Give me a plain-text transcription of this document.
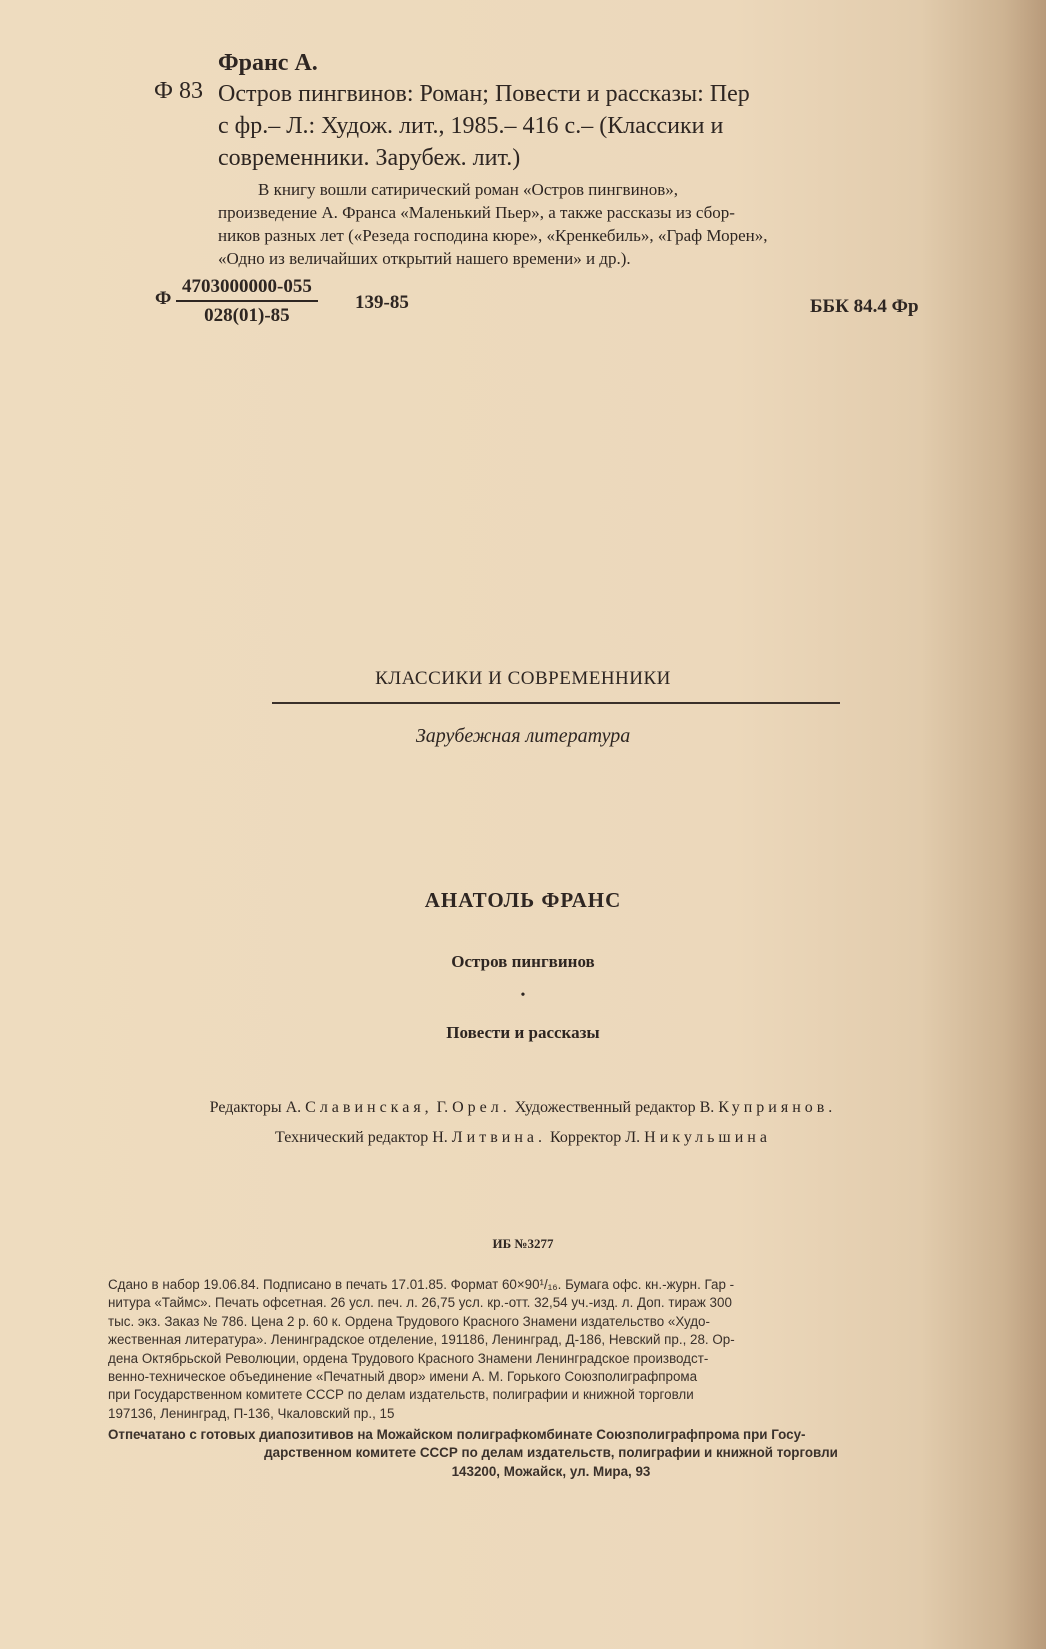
Франс А.
Ф 83 Остров пингвинов: Роман; Повести и рассказы: Пер
с фр.– Л.: Худож. лит., 1985.– 416 с.– (Классики и
современники. Зарубеж. лит.)
В книгу вошли сатирический роман «Остров пингвинов»,
произведение А. Франса «Маленький Пьер», а также рассказы из сбор-
ников разных лет («Резеда господина кюре», «Кренкебиль», «Граф Морен»,
«Одно из величайших открытий нашего времени» и др.).
Ф $\frac{4703000000-055}{028(01)-85} 139-85$	ББК 84.4 Фр
КЛАССИКИ И СОВРЕМЕННИКИ
Зарубежная литература
АНАТОЛЬ ФРАНС
Остров пингвинов
•
Повести и рассказы
Редакторы А. Славинская, Г. Орел. Художественный редактор В. Куприянов.
Технический редактор Н. Литвина. Корректор Л. Никульшина
ИБ №3277
Сдано в набор 19.06.84. Подписано в печать 17.01.85. Формат 60×90¹/₁₆. Бумага офс. кн.-журн. Гар -
нитура «Таймс». Печать офсетная. 26 усл. печ. л. 26,75 усл. кр.-отт. 32,54 уч.-изд. л. Доп. тираж 300
тыс. экз. Заказ № 786. Цена 2 р. 60 к. Ордена Трудового Красного Знамени издательство «Худо-
жественная литература». Ленинградское отделение, 191186, Ленинград, Д-186, Невский пр., 28. Ор-
дена Октябрьской Революции, ордена Трудового Красного Знамени Ленинградское производст-
венно-техническое объединение «Печатный двор» имени А. М. Горького Союзполиграфпрома
при Государственном комитете СССР по делам издательств, полиграфии и книжной торговли
197136, Ленинград, П-136, Чкаловский пр., 15
Отпечатано с готовых диапозитивов на Можайском полиграфкомбинате Союзполиграфпрома при Госу-
дарственном комитете СССР по делам издательств, полиграфии и книжной торговли
143200, Можайск, ул. Мира, 93
